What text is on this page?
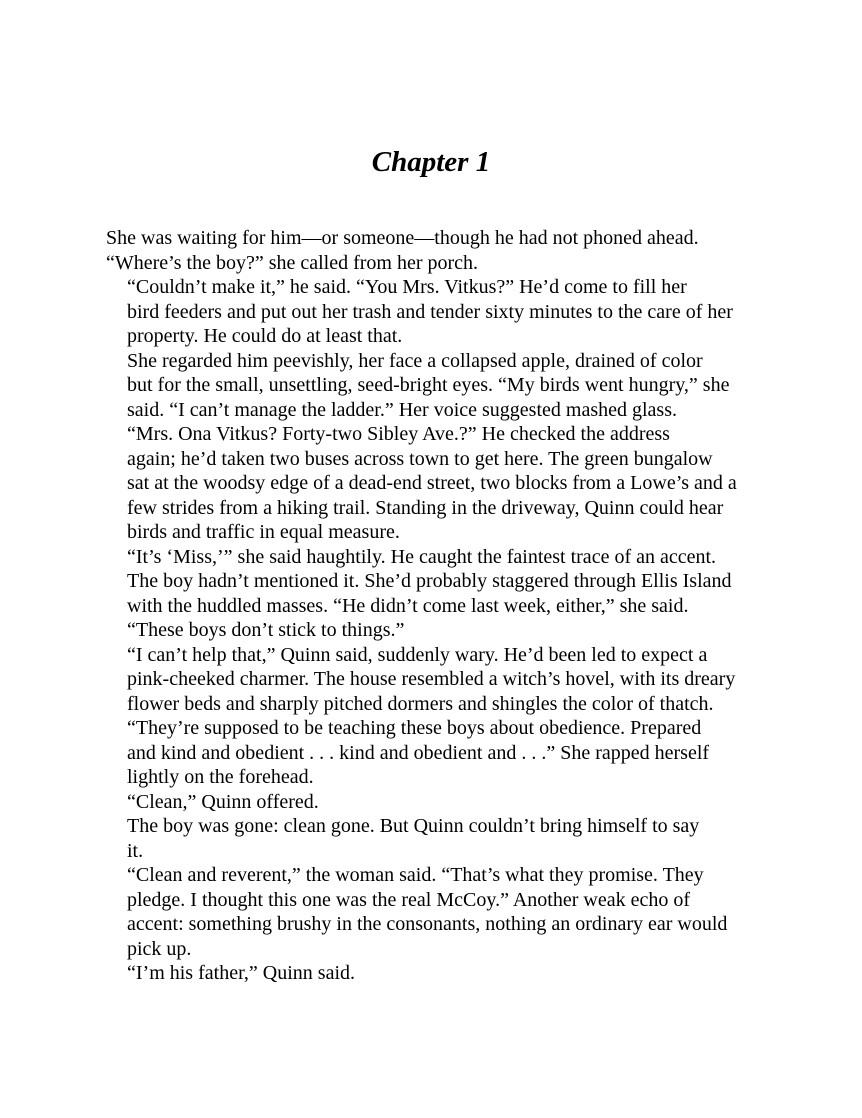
Chapter 1

She was waiting for him—or someone—though he had not phoned ahead.
“Where’s the boy?” she called from her porch.

“Couldn’t make it,” he said. “You Mrs. Vitkus?” He’d come to fill her
bird feeders and put out her trash and tender sixty minutes to the care of her
property. He could do at least that.

She regarded him peevishly, her face a collapsed apple, drained of color
but for the small, unsettling, seed-bright eyes. “My birds went hungry,” she
said. “I can’t manage the ladder.” Her voice suggested mashed glass.

“Mrs. Ona Vitkus? Forty-two Sibley Ave.?” He checked the address
again; he’d taken two buses across town to get here. The green bungalow
sat at the woodsy edge of a dead-end street, two blocks from a Lowe’s and a
few strides from a hiking trail. Standing in the driveway, Quinn could hear
birds and traffic in equal measure.

“It’s ‘Miss,’” she said haughtily. He caught the faintest trace of an accent.
The boy hadn’t mentioned it. She’d probably staggered through Ellis Island
with the huddled masses. “He didn’t come last week, either,” she said.
“These boys don’t stick to things.”

“I can’t help that,” Quinn said, suddenly wary. He’d been led to expect a
pink-cheeked charmer. The house resembled a witch’s hovel, with its dreary
flower beds and sharply pitched dormers and shingles the color of thatch.

“They’re supposed to be teaching these boys about obedience. Prepared
and kind and obedient . . . kind and obedient and . . .” She rapped herself
lightly on the forehead.

“Clean,” Quinn offered.

The boy was gone: clean gone. But Quinn couldn’t bring himself to say
it.

“Clean and reverent,” the woman said. “That’s what they promise. They
pledge. I thought this one was the real McCoy.” Another weak echo of
accent: something brushy in the consonants, nothing an ordinary ear would
pick up.

“I’m his father,” Quinn said.
